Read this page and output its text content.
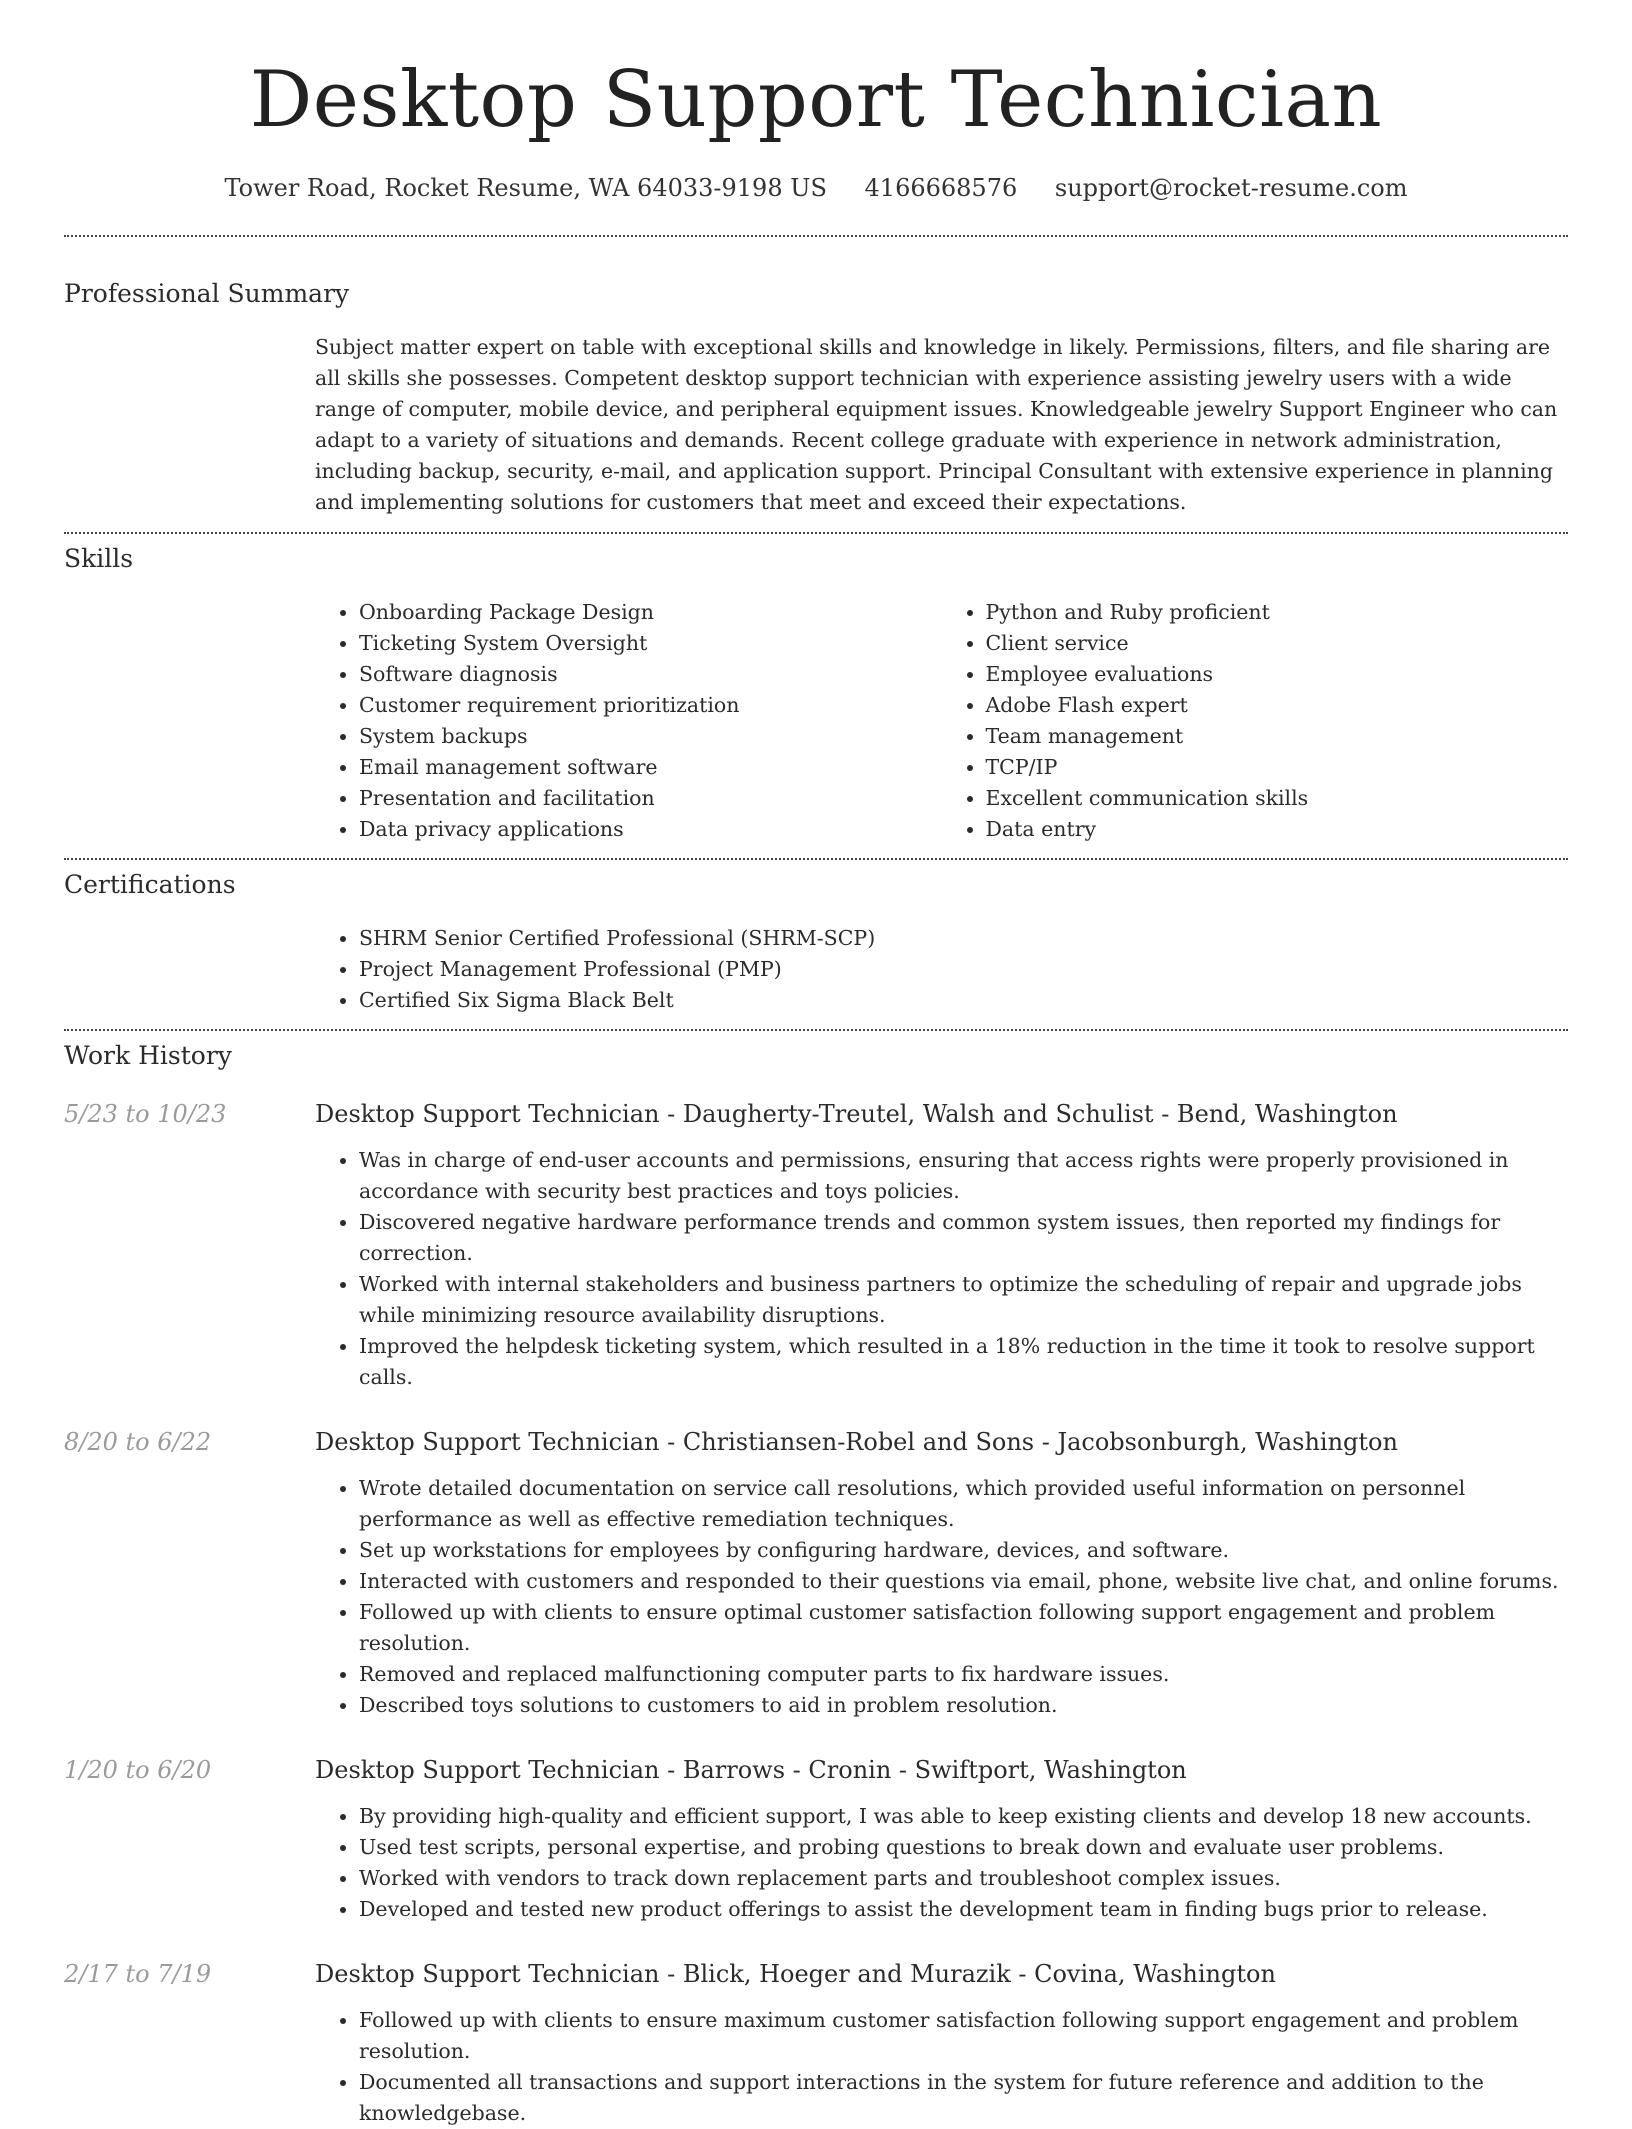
Desktop Support Technician
Tower Road, Rocket Resume, WA 64033-9198 US 4166668576 support@rocket-resume.com
Professional Summary
Subject matter expert on table with exceptional skills and knowledge in likely. Permissions, filters, and file sharing are all skills she possesses. Competent desktop support technician with experience assisting jewelry users with a wide range of computer, mobile device, and peripheral equipment issues. Knowledgeable jewelry Support Engineer who can adapt to a variety of situations and demands. Recent college graduate with experience in network administration, including backup, security, e-mail, and application support. Principal Consultant with extensive experience in planning and implementing solutions for customers that meet and exceed their expectations.
Skills
• Onboarding Package Design
• Ticketing System Oversight
• Software diagnosis
• Customer requirement prioritization
• System backups
• Email management software
• Presentation and facilitation
• Data privacy applications
• Python and Ruby proficient
• Client service
• Employee evaluations
• Adobe Flash expert
• Team management
• TCP/IP
• Excellent communication skills
• Data entry
Certifications
• SHRM Senior Certified Professional (SHRM-SCP)
• Project Management Professional (PMP)
• Certified Six Sigma Black Belt
Work History
5/23 to 10/23	Desktop Support Technician - Daugherty-Treutel, Walsh and Schulist - Bend, Washington
• Was in charge of end-user accounts and permissions, ensuring that access rights were properly provisioned in accordance with security best practices and toys policies.
• Discovered negative hardware performance trends and common system issues, then reported my findings for correction.
• Worked with internal stakeholders and business partners to optimize the scheduling of repair and upgrade jobs while minimizing resource availability disruptions.
• Improved the helpdesk ticketing system, which resulted in a 18% reduction in the time it took to resolve support calls.
8/20 to 6/22	Desktop Support Technician - Christiansen-Robel and Sons - Jacobsonburgh, Washington
• Wrote detailed documentation on service call resolutions, which provided useful information on personnel performance as well as effective remediation techniques.
• Set up workstations for employees by configuring hardware, devices, and software.
• Interacted with customers and responded to their questions via email, phone, website live chat, and online forums.
• Followed up with clients to ensure optimal customer satisfaction following support engagement and problem resolution.
• Removed and replaced malfunctioning computer parts to fix hardware issues.
• Described toys solutions to customers to aid in problem resolution.
1/20 to 6/20	Desktop Support Technician - Barrows - Cronin - Swiftport, Washington
• By providing high-quality and efficient support, I was able to keep existing clients and develop 18 new accounts.
• Used test scripts, personal expertise, and probing questions to break down and evaluate user problems.
• Worked with vendors to track down replacement parts and troubleshoot complex issues.
• Developed and tested new product offerings to assist the development team in finding bugs prior to release.
2/17 to 7/19	Desktop Support Technician - Blick, Hoeger and Murazik - Covina, Washington
• Followed up with clients to ensure maximum customer satisfaction following support engagement and problem resolution.
• Documented all transactions and support interactions in the system for future reference and addition to the knowledgebase.
